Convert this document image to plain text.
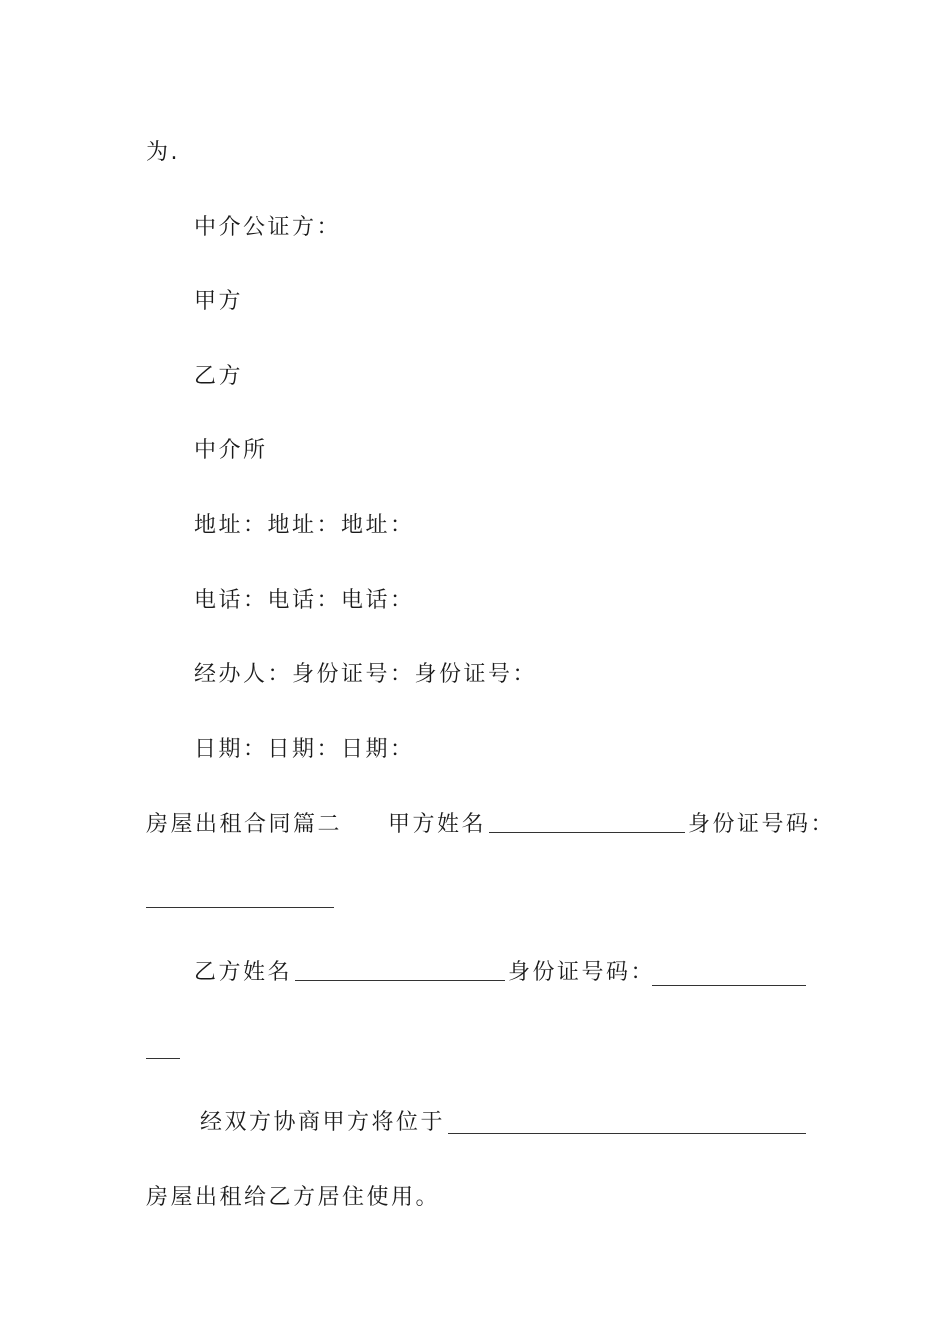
为.
中介公证方：
甲方
乙方
中介所
地址：地址：地址：
电话：电话：电话：
经办人：身份证号：身份证号：
日期：日期：日期：
房屋出租合同篇二 甲方姓名	身份证号码：
乙方姓名	身份证号码：
经双方协商甲方将位于
房屋出租给乙方居住使用。
